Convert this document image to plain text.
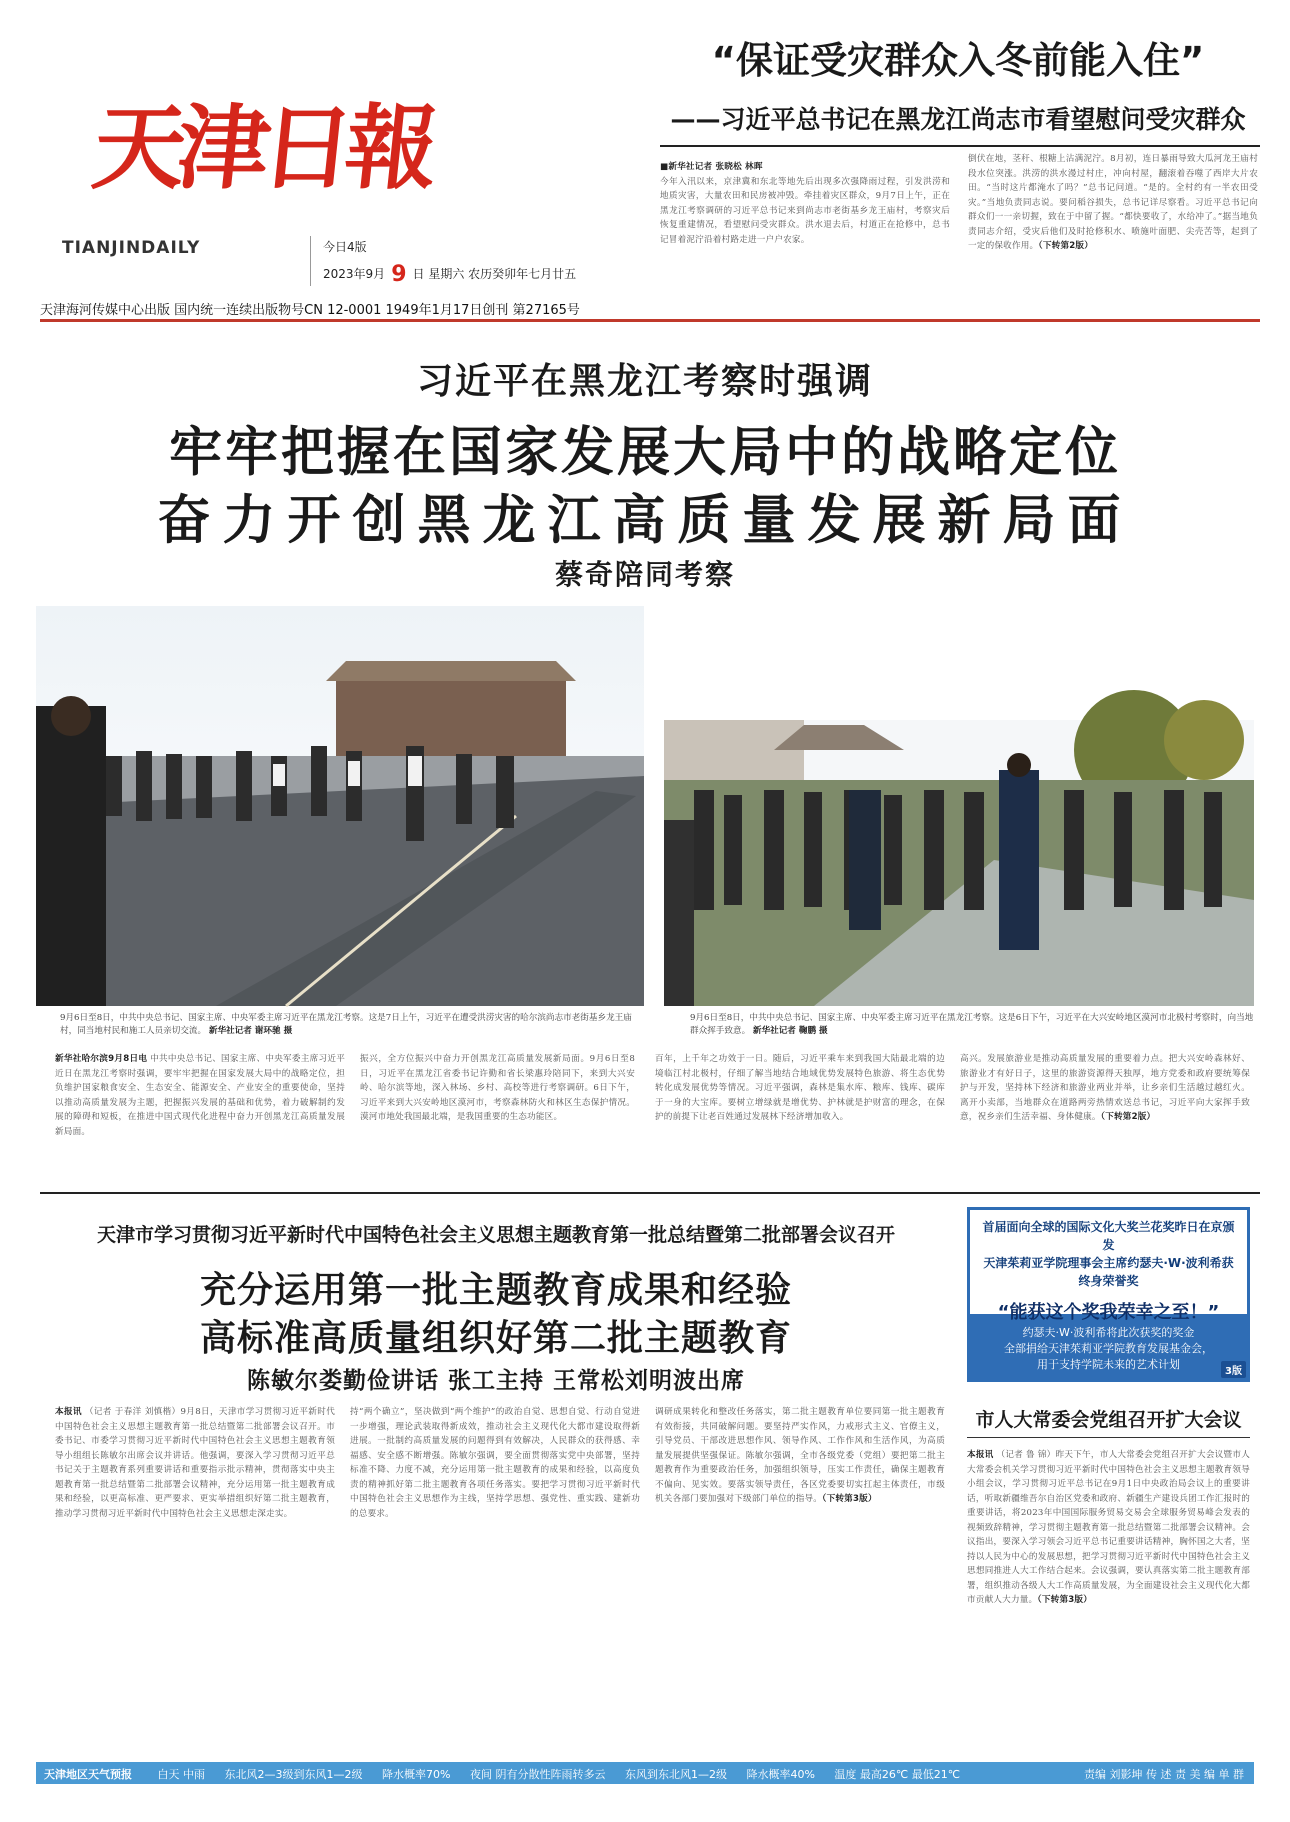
天津日報
TIANJINDAILY	今日4版
2023年9月 9 日 星期六 农历癸卯年七月廿五
天津海河传媒中心出版 国内统一连续出版物号CN 12-0001 1949年1月17日创刊 第27165号
“保证受灾群众入冬前能入住”
——习近平总书记在黑龙江尚志市看望慰问受灾群众
■新华社记者 张晓松 林晖
今年入汛以来，京津冀和东北等地先后出现多次强降雨过程，引发洪涝和地质灾害，大量农田和民房被冲毁。牵挂着灾区群众，9月7日上午，正在黑龙江考察调研的习近平总书记来到尚志市老街基乡龙王庙村，考察灾后恢复重建情况，看望慰问受灾群众。洪水退去后，村道正在抢修中，总书记冒着泥泞沿着村路走进一户户农家。
倒伏在地，茎秆、根糖上沾满泥泞。8月初，连日暴雨导致大瓜河龙王庙村段水位突涨。洪涝的洪水漫过村庄，冲向村屋，翻滚着吞噬了西岸大片农田。“当时这片都淹水了吗？”总书记问道。“是的。全村约有一半农田受灾。”当地负责同志说。要问稻谷损失，总书记详尽察看。习近平总书记向群众们一一亲切握，致在于中留了握。“都快要收了，水给冲了。”据当地负责同志介绍，受灾后他们及时抢修积水、喷施叶面肥、尖壳苦等，起到了一定的保收作用。（下转第2版）
习近平在黑龙江考察时强调
牢牢把握在国家发展大局中的战略定位
奋力开创黑龙江高质量发展新局面
蔡奇陪同考察
9月6日至8日，中共中央总书记、国家主席、中央军委主席习近平在黑龙江考察。这是7日上午，习近平在遭受洪涝灾害的哈尔滨尚志市老街基乡龙王庙村，同当地村民和施工人员亲切交流。 新华社记者 谢环驰 摄
9月6日至8日，中共中央总书记、国家主席、中央军委主席习近平在黑龙江考察。这是6日下午，习近平在大兴安岭地区漠河市北极村考察时，向当地群众挥手致意。 新华社记者 鞠鹏 摄
新华社哈尔滨9月8日电 中共中央总书记、国家主席、中央军委主席习近平近日在黑龙江考察时强调，要牢牢把握在国家发展大局中的战略定位，担负维护国家粮食安全、生态安全、能源安全、产业安全的重要使命，坚持以推动高质量发展为主题，把握振兴发展的基础和优势，着力破解制约发展的障碍和短板，在推进中国式现代化进程中奋力开创黑龙江高质量发展新局面。
振兴，全方位振兴中奋力开创黑龙江高质量发展新局面。9月6日至8日，习近平在黑龙江省委书记许勤和省长梁惠玲陪同下，来到大兴安岭、哈尔滨等地，深入林场、乡村、高校等进行考察调研。6日下午，习近平来到大兴安岭地区漠河市，考察森林防火和林区生态保护情况。漠河市地处我国最北端，是我国重要的生态功能区。
百年，上千年之功效于一日。随后，习近平乘车来到我国大陆最北端的边境临江村北极村，仔细了解当地结合地域优势发展特色旅游、将生态优势转化成发展优势等情况。习近平强调，森林是集水库、粮库、钱库、碳库于一身的大宝库。要树立增绿就是增优势、护林就是护财富的理念，在保护的前提下让老百姓通过发展林下经济增加收入。
高兴。发展旅游业是推动高质量发展的重要着力点。把大兴安岭森林好、旅游业才有好日子，这里的旅游资源得天独厚，地方党委和政府要统筹保护与开发，坚持林下经济和旅游业两业并举，让乡亲们生活越过越红火。离开小卖部，当地群众在道路两旁热情欢送总书记，习近平向大家挥手致意，祝乡亲们生活幸福、身体健康。（下转第2版）
天津市学习贯彻习近平新时代中国特色社会主义思想主题教育第一批总结暨第二批部署会议召开
充分运用第一批主题教育成果和经验
高标准高质量组织好第二批主题教育
陈敏尔娄勤俭讲话 张工主持 王常松刘明波出席
本报讯 （记者 于春洋 刘慎楷）9月8日，天津市学习贯彻习近平新时代中国特色社会主义思想主题教育第一批总结暨第二批部署会议召开。市委书记、市委学习贯彻习近平新时代中国特色社会主义思想主题教育领导小组组长陈敏尔出席会议并讲话。他强调，要深入学习贯彻习近平总书记关于主题教育系列重要讲话和重要指示批示精神，贯彻落实中央主题教育第一批总结暨第二批部署会议精神，充分运用第一批主题教育成果和经验，以更高标准、更严要求、更实举措组织好第二批主题教育，推动学习贯彻习近平新时代中国特色社会主义思想走深走实。
持“两个确立”，坚决做到“两个维护”的政治自觉、思想自觉、行动自觉进一步增强，理论武装取得新成效，推动社会主义现代化大都市建设取得新进展。一批制约高质量发展的问题得到有效解决，人民群众的获得感、幸福感、安全感不断增强。陈敏尔强调，要全面贯彻落实党中央部署，坚持标准不降、力度不减，充分运用第一批主题教育的成果和经验，以高度负责的精神抓好第二批主题教育各项任务落实。要把学习贯彻习近平新时代中国特色社会主义思想作为主线，坚持学思想、强党性、重实践、建新功的总要求。
调研成果转化和整改任务落实，第二批主题教育单位要同第一批主题教育有效衔接，共同破解问题。要坚持严实作风，力戒形式主义、官僚主义，引导党员、干部改进思想作风、领导作风、工作作风和生活作风，为高质量发展提供坚强保证。陈敏尔强调，全市各级党委（党组）要把第二批主题教育作为重要政治任务，加强组织领导，压实工作责任，确保主题教育不偏向、见实效。要落实领导责任，各区党委要切实扛起主体责任，市级机关各部门要加强对下级部门单位的指导。（下转第3版）
首届面向全球的国际文化大奖兰花奖昨日在京颁发
天津茱莉亚学院理事会主席约瑟夫·W·波利希获终身荣誉奖
“能获这个奖我荣幸之至！”
约瑟夫·W·波利希将此次获奖的奖金
全部捐给天津茱莉亚学院教育发展基金会，
用于支持学院未来的艺术计划
3版
市人大常委会党组召开扩大会议
本报讯 （记者 鲁 锦）昨天下午，市人大常委会党组召开扩大会议暨市人大常委会机关学习贯彻习近平新时代中国特色社会主义思想主题教育领导小组会议，学习贯彻习近平总书记在9月1日中央政治局会议上的重要讲话，听取新疆维吾尔自治区党委和政府、新疆生产建设兵团工作汇报时的重要讲话，将2023年中国国际服务贸易交易会全球服务贸易峰会发表的视频致辞精神，学习贯彻主题教育第一批总结暨第二批部署会议精神。会议指出，要深入学习领会习近平总书记重要讲话精神，胸怀国之大者，坚持以人民为中心的发展思想，把学习贯彻习近平新时代中国特色社会主义思想同推进人大工作结合起来。会议强调，要认真落实第二批主题教育部署，组织推动各级人大工作高质量发展，为全面建设社会主义现代化大都市贡献人大力量。（下转第3版）
天津地区天气预报 白天 中雨 东北风2—3级到东风1—2级 降水概率70% 夜间 阴有分散性阵雨转多云 东风到东北风1—2级 降水概率40% 温度 最高26℃ 最低21℃	责编 刘影坤 传 述 责 美 编 单 群
